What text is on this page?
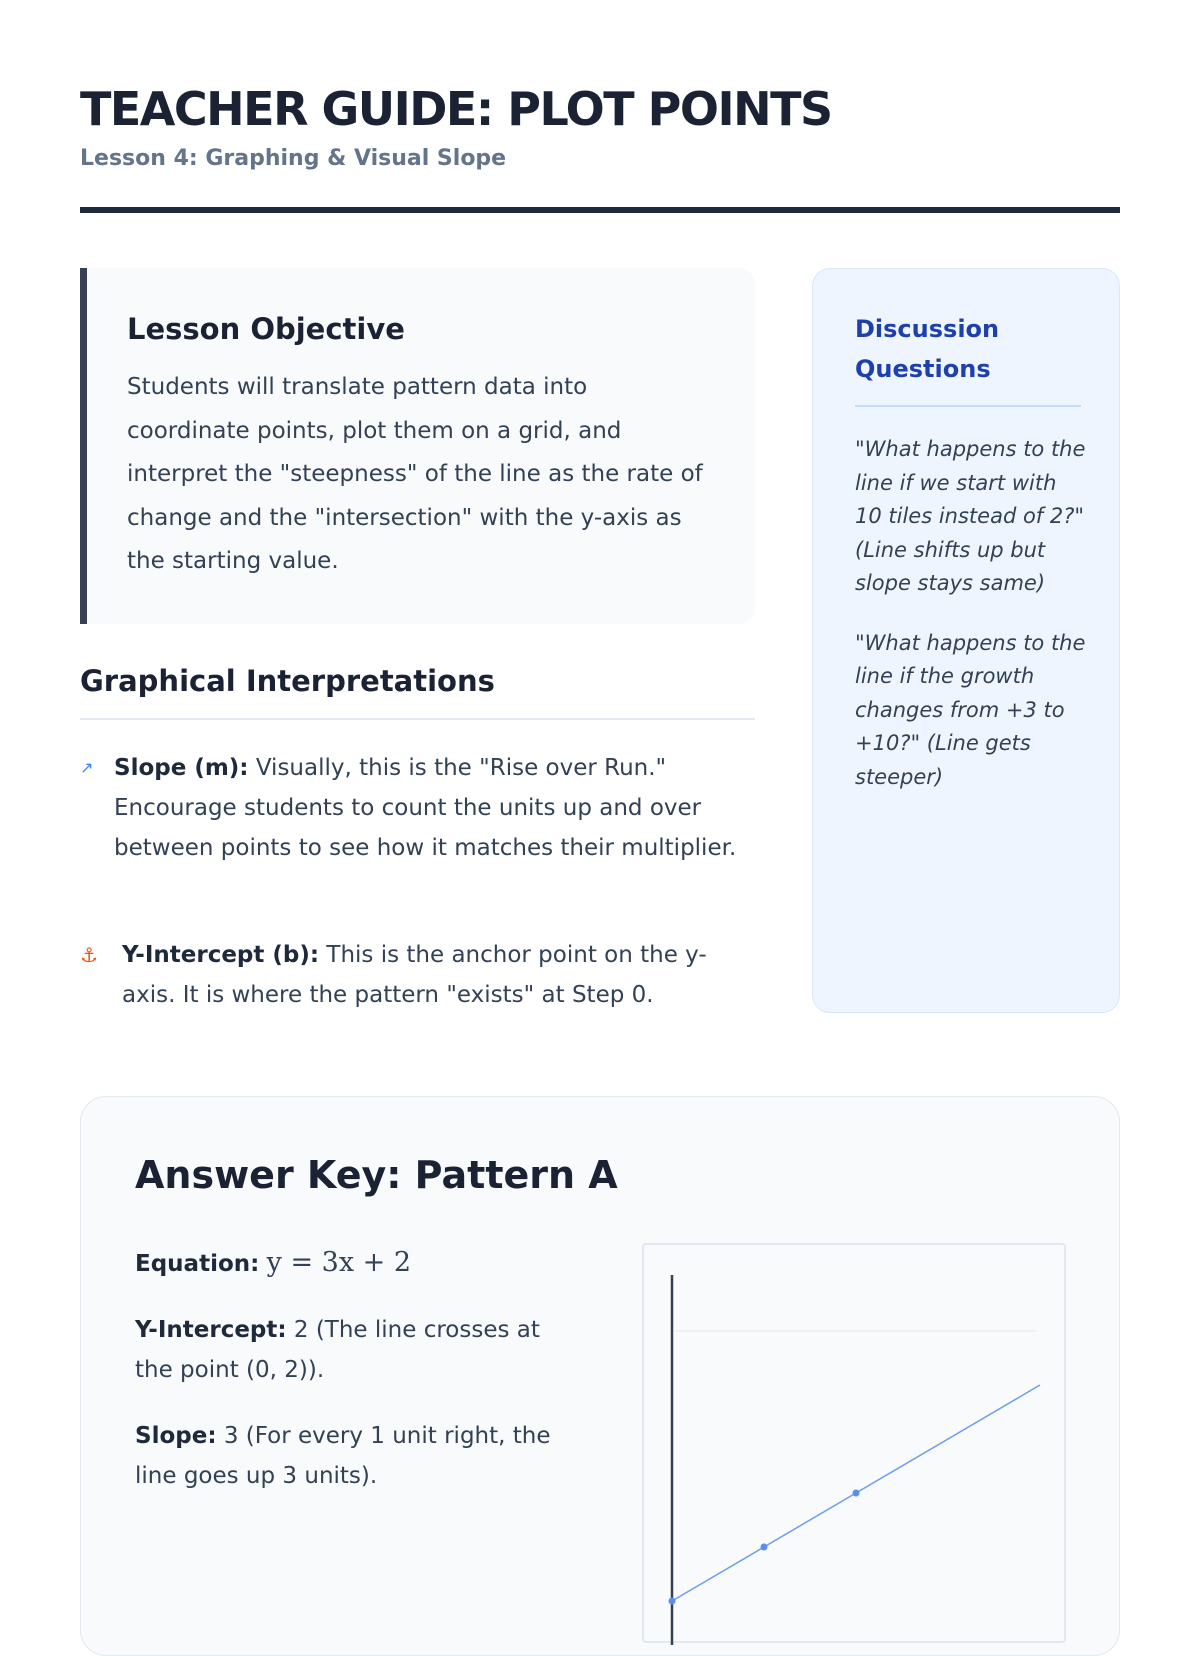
TEACHER GUIDE: PLOT POINTS

Lesson 4: Graphing & Visual Slope

Lesson Objective

Students will translate pattern data into coordinate points, plot them on a grid, and interpret the "steepness" of the line as the rate of change and the "intersection" with the y-axis as the starting value.

Graphical Interpretations
↗ Slope (m): Visually, this is the "Rise over Run." Encourage students to count the units up and over between points to see how it matches their multiplier.
⚓	Y-Intercept (b): This is the anchor point on the y-axis. It is where the pattern "exists" at Step 0.
Discussion Questions

"What happens to the line if we start with 10 tiles instead of 2?" (Line shifts up but slope stays same)

"What happens to the line if the growth changes from +3 to +10?" (Line gets steeper)

Answer Key: Pattern A

Equation: y = 3x + 2

Y-Intercept: 2 (The line crosses at the point (0, 2)).

Slope: 3 (For every 1 unit right, the line goes up 3 units).
